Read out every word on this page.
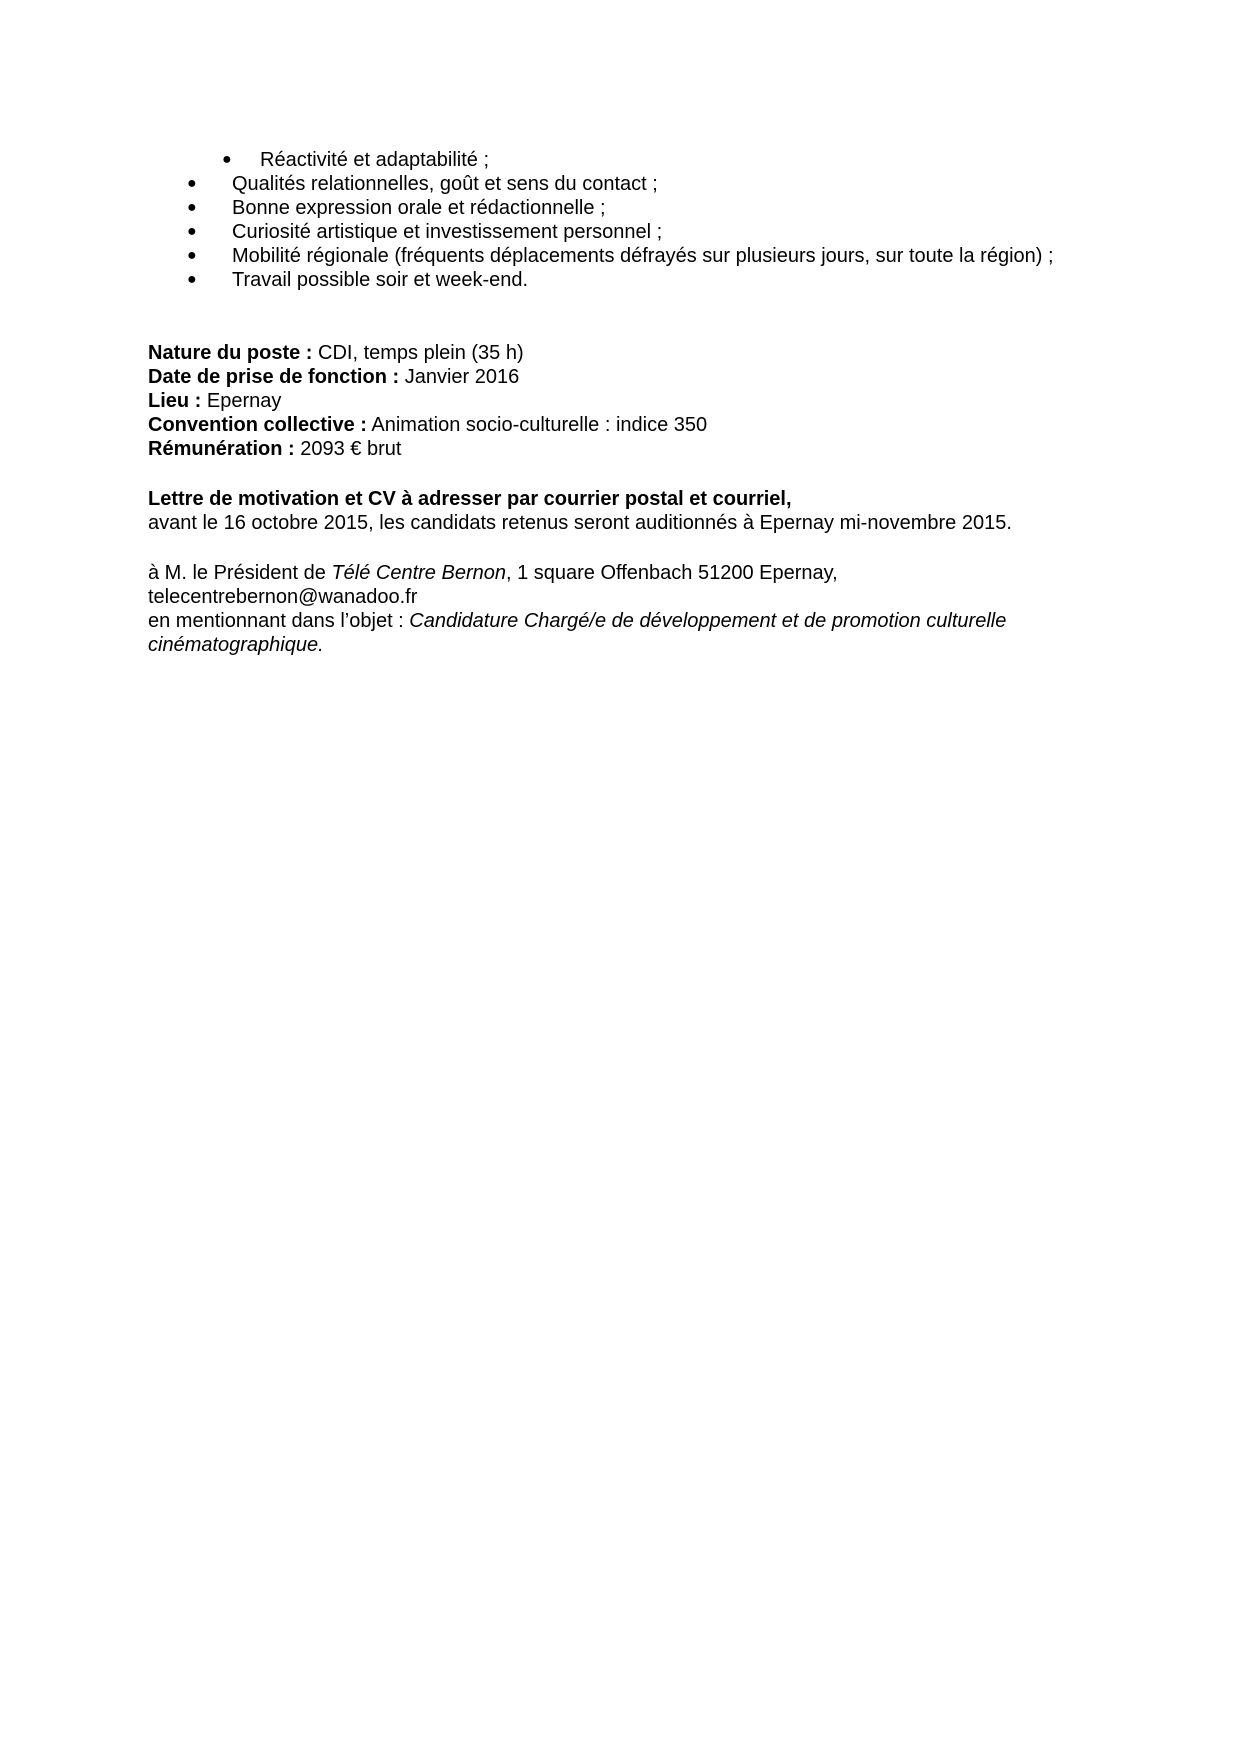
● Réactivité et adaptabilité ;
● Qualités relationnelles, goût et sens du contact ;
● Bonne expression orale et rédactionnelle ;
● Curiosité artistique et investissement personnel ;
● Mobilité régionale (fréquents déplacements défrayés sur plusieurs jours, sur toute la région) ;
● Travail possible soir et week-end.
Nature du poste : CDI, temps plein (35 h)
Date de prise de fonction : Janvier 2016
Lieu : Epernay
Convention collective : Animation socio-culturelle : indice 350
Rémunération : 2093 € brut
Lettre de motivation et CV à adresser par courrier postal et courriel,
avant le 16 octobre 2015, les candidats retenus seront auditionnés à Epernay mi-novembre 2015.
à M. le Président de Télé Centre Bernon, 1 square Offenbach 51200 Epernay,
telecentrebernon@wanadoo.fr
en mentionnant dans l’objet : Candidature Chargé/e de développement et de promotion culturelle
cinématographique.
